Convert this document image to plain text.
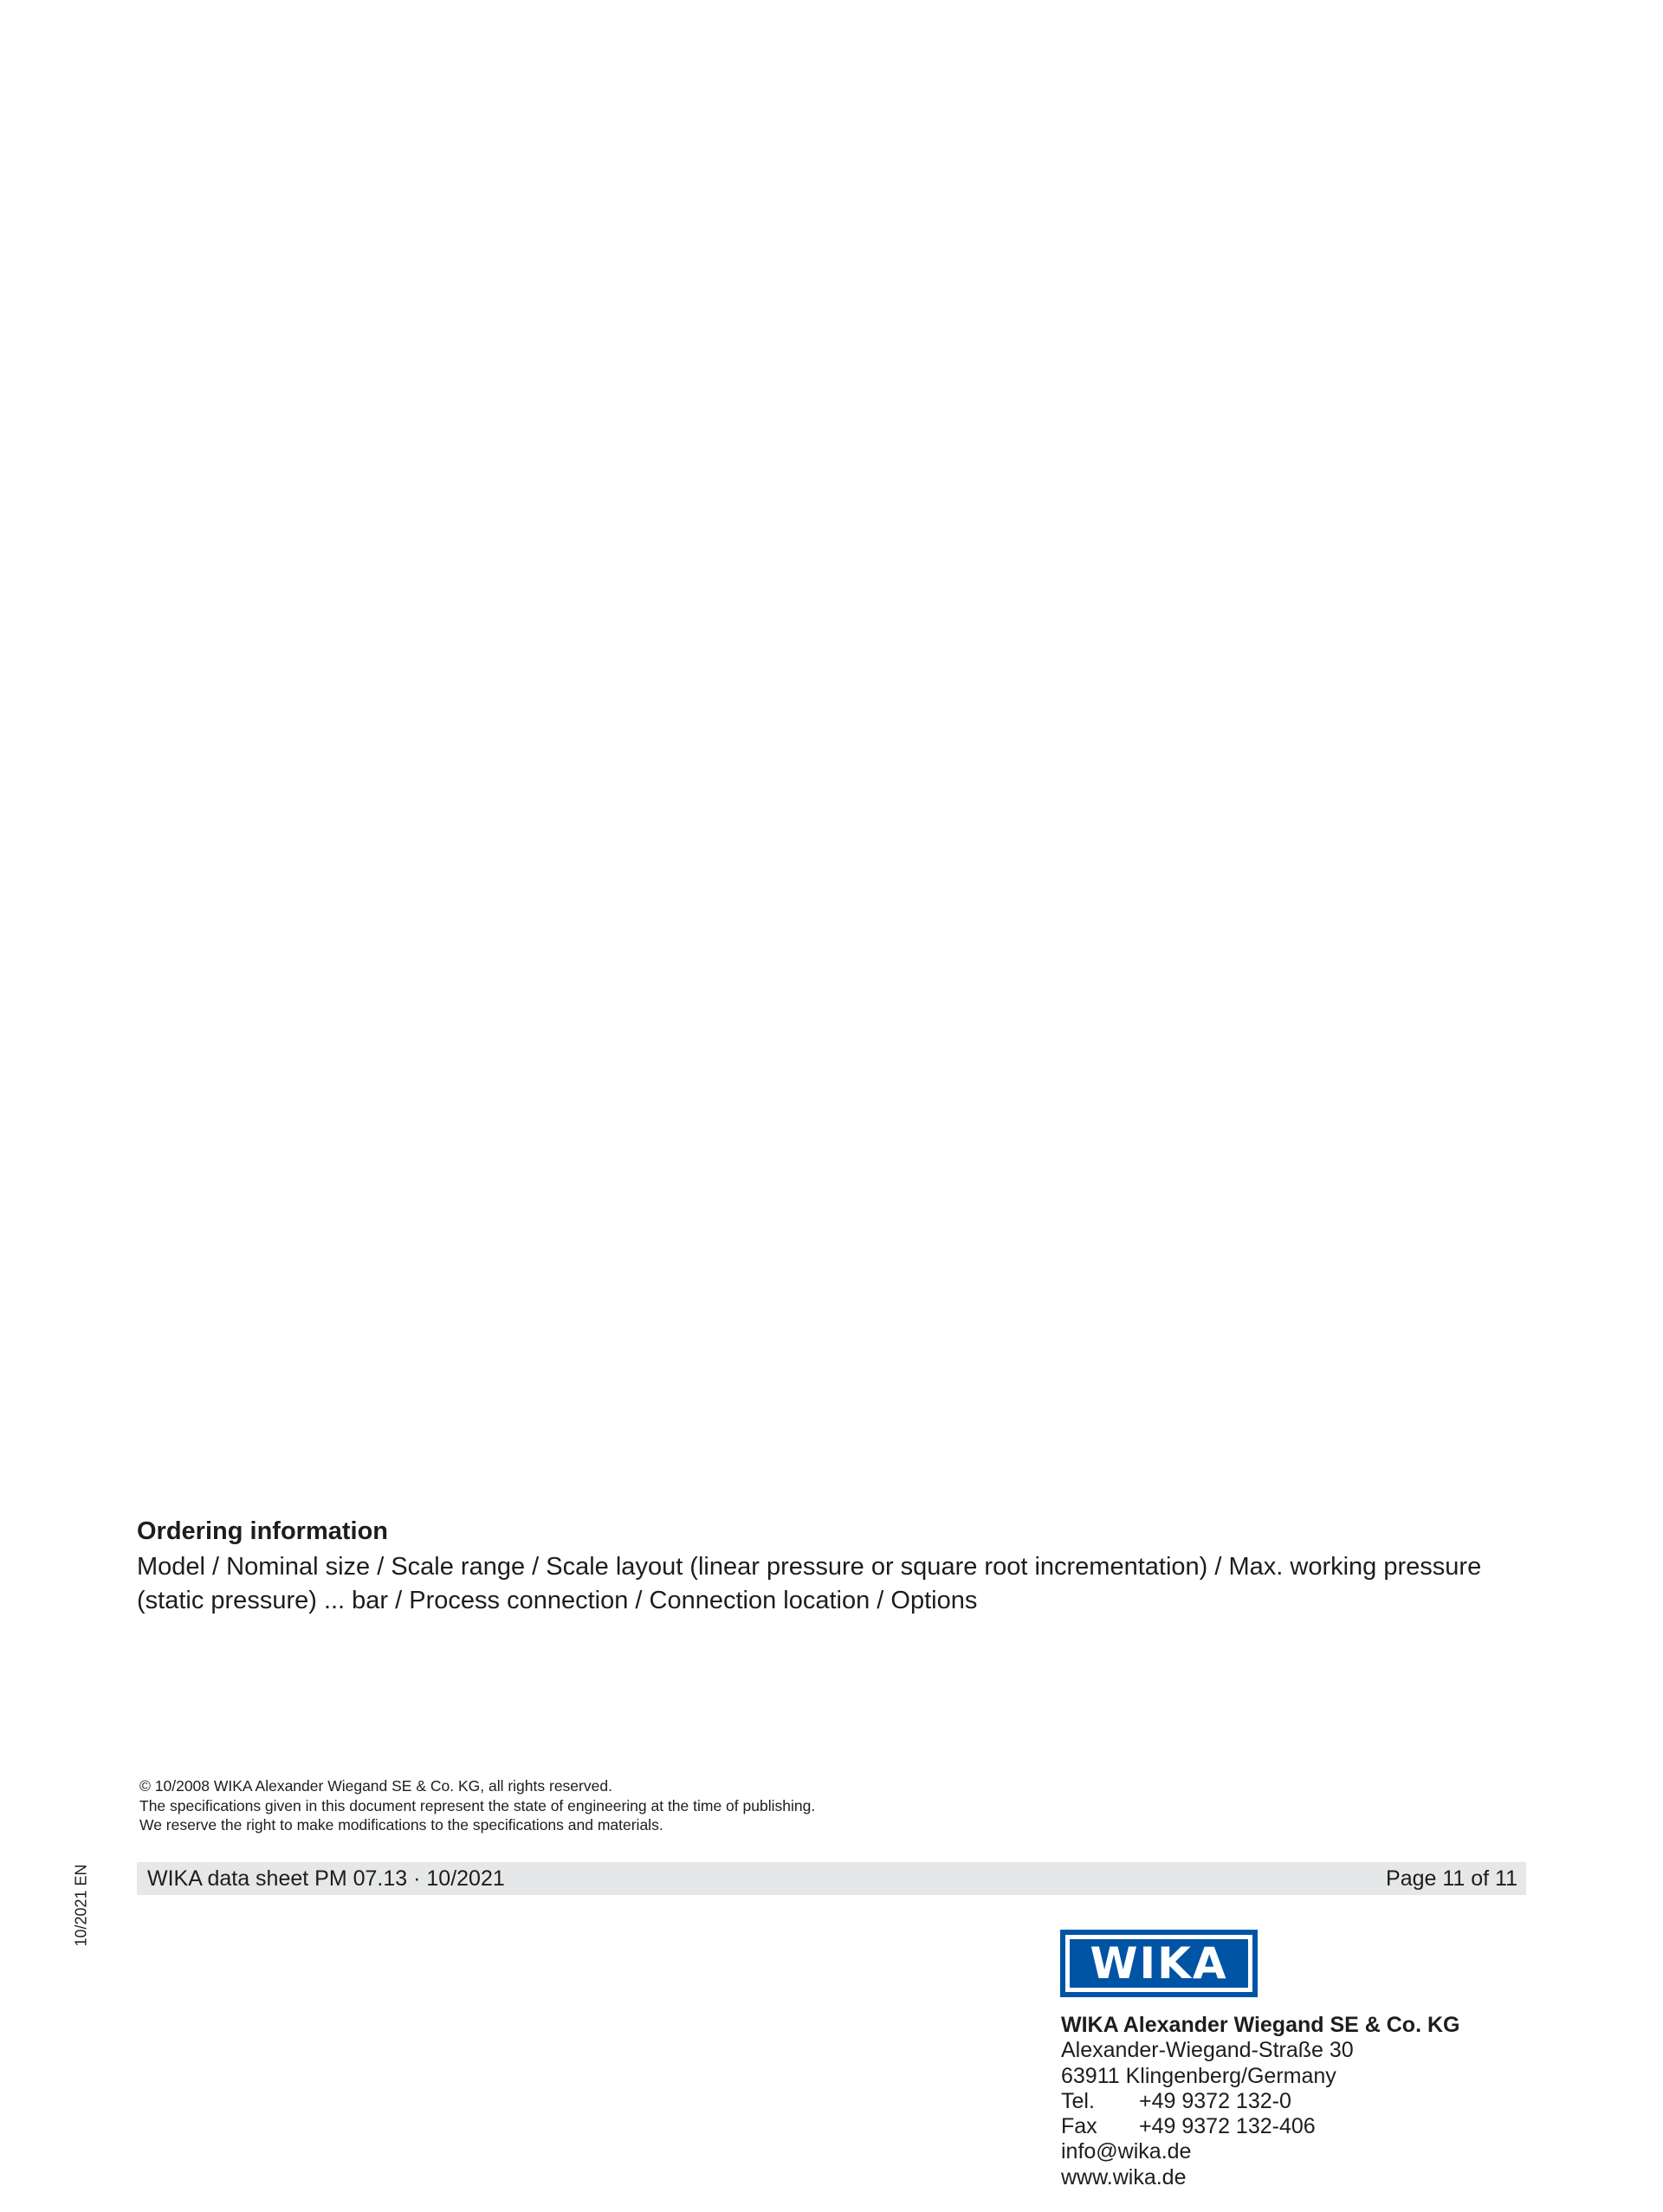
Ordering information

Model / Nominal size / Scale range / Scale layout (linear pressure or square root incrementation) / Max. working pressure

(static pressure) ... bar / Process connection / Connection location / Options

© 10/2008 WIKA Alexander Wiegand SE & Co. KG, all rights reserved.
The specifications given in this document represent the state of engineering at the time of publishing.
We reserve the right to make modifications to the specifications and materials.
WIKA data sheet PM 07.13 · 10/2021	Page 11 of 11
10/2021 EN
WIKA
WIKA Alexander Wiegand SE & Co. KG
Alexander-Wiegand-Straße 30
63911 Klingenberg/Germany
Tel. +49 9372 132-0
Fax +49 9372 132-406
info@wika.de
www.wika.de
